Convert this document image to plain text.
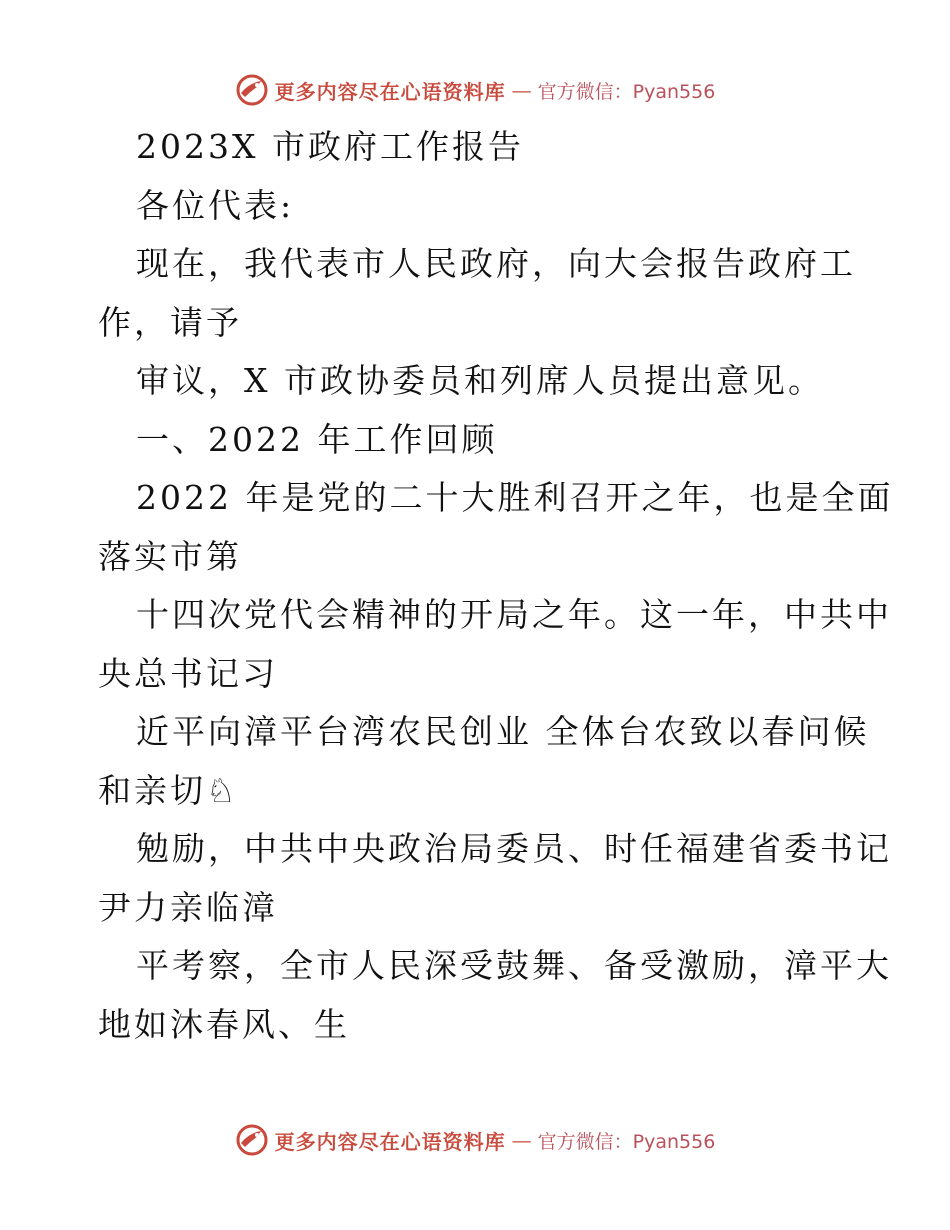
更多内容尽在心语资料库 — 官方微信：Pyan556
2023X 市政府工作报告
各位代表:
现在，我代表市人民政府，向大会报告政府工
作，请予
审议，X 市政协委员和列席人员提出意见。
一、2022 年工作回顾
2022 年是党的二十大胜利召开之年，也是全面
落实市第
十四次党代会精神的开局之年。这一年，中共中
央总书记习
近平向漳平台湾农民创业 全体台农致以春问候
和亲切♘
勉励，中共中央政治局委员、时任福建省委书记
尹力亲临漳
平考察，全市人民深受鼓舞、备受激励，漳平大
地如沐春风、生
更多内容尽在心语资料库 — 官方微信：Pyan556
